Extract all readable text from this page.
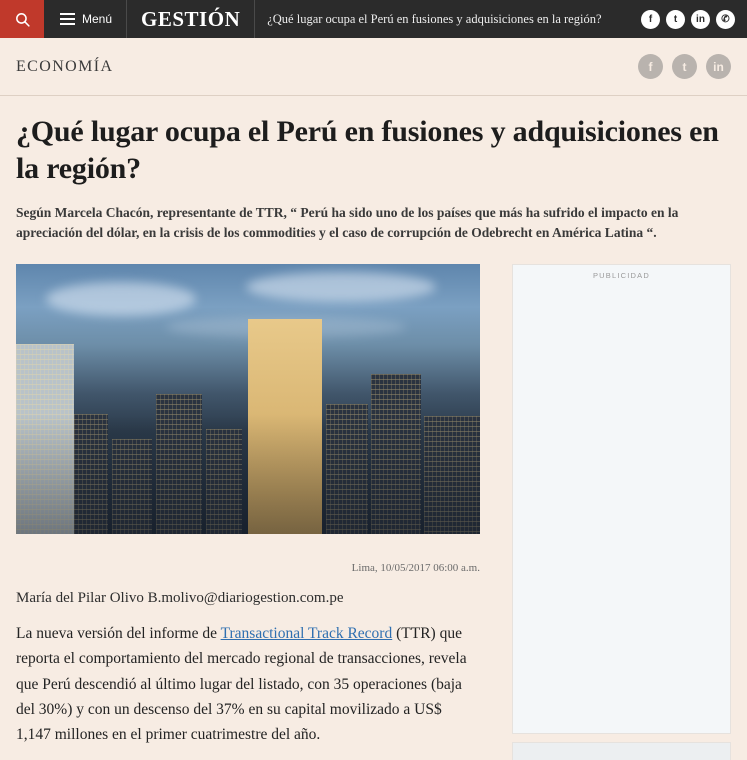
Menú GESTIÓN	¿Qué lugar ocupa el Perú en fusiones y adquisiciones en la región?	f	t	in	✆
ECONOMÍA	f	t	in
¿Qué lugar ocupa el Perú en fusiones y adquisiciones en la región?

Según Marcela Chacón, representante de TTR, “ Perú ha sido uno de los países que más ha sufrido el impacto en la apreciación del dólar, en la crisis de los commodities y el caso de corrupción de Odebrecht en América Latina “.

Lima, 10/05/2017 06:00 a.m.
María del Pilar Olivo B.molivo@diariogestion.com.pe

La nueva versión del informe de Transactional Track Record (TTR) que reporta el comportamiento del mercado regional de transacciones, revela que Perú descendió al último lugar del listado, con 35 operaciones (baja del 30%) y con un descenso del 37% en su capital movilizado a US$ 1,147 millones en el primer cuatrimestre del año.

PUBLICIDAD
